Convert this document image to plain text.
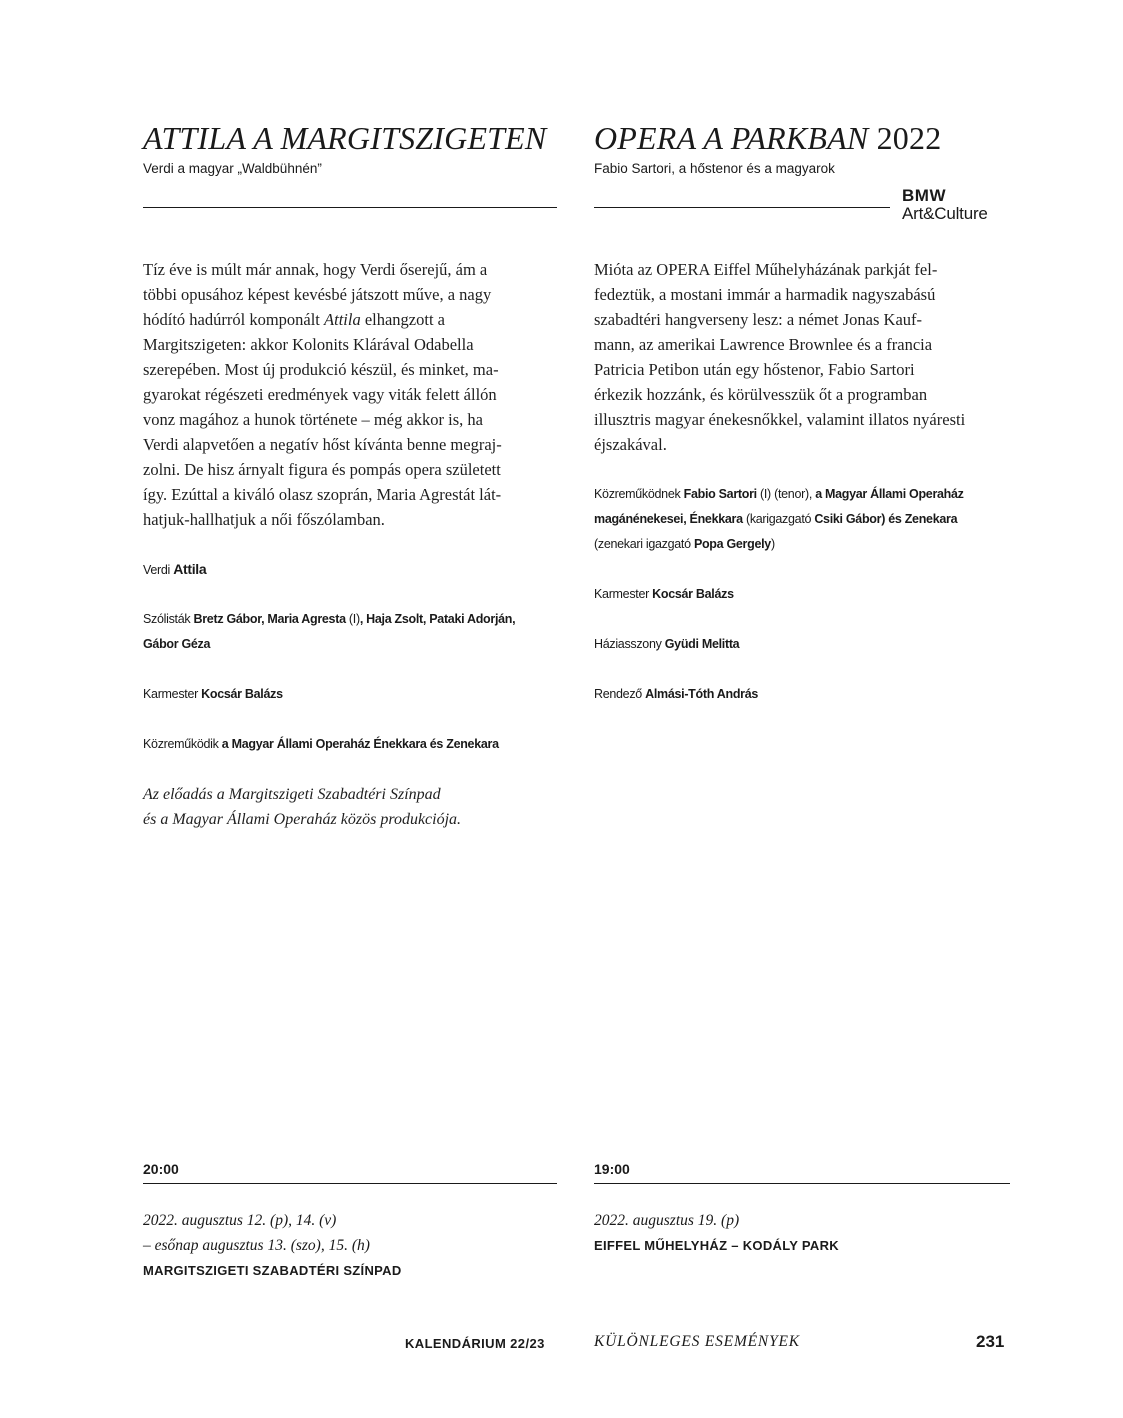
ATTILA A MARGITSZIGETEN
Verdi a magyar „Waldbühnén”

Tíz éve is múlt már annak, hogy Verdi őserejű, ám a
többi opusához képest kevésbé játszott műve, a nagy
hódító hadúrról komponált Attila elhangzott a
Margitszigeten: akkor Kolonits Klárával Odabella
szerepében. Most új produkció készül, és minket, ma-
gyarokat régészeti eredmények vagy viták felett állón
vonz magához a hunok története – még akkor is, ha
Verdi alapvetően a negatív hőst kívánta benne megraj-
zolni. De hisz árnyalt figura és pompás opera született
így. Ezúttal a kiváló olasz szoprán, Maria Agrestát lát-
hatjuk-hallhatjuk a női főszólamban.

Verdi Attila

Szólisták Bretz Gábor, Maria Agresta (I), Haja Zsolt, Pataki Adorján,
Gábor Géza

Karmester Kocsár Balázs

Közreműködik a Magyar Állami Operaház Énekkara és Zenekara

Az előadás a Margitszigeti Szabadtéri Színpad
és a Magyar Állami Operaház közös produkciója.

20:00
2022. augusztus 12. (p), 14. (v)
– esőnap augusztus 13. (szo), 15. (h)
MARGITSZIGETI SZABADTÉRI SZÍNPAD
OPERA A PARKBAN 2022
Fabio Sartori, a hőstenor és a magyarok
BMW
Art&Culture

Mióta az OPERA Eiffel Műhelyházának parkját fel-
fedeztük, a mostani immár a harmadik nagyszabású
szabadtéri hangverseny lesz: a német Jonas Kauf-
mann, az amerikai Lawrence Brownlee és a francia
Patricia Petibon után egy hőstenor, Fabio Sartori
érkezik hozzánk, és körülvesszük őt a programban
illusztris magyar énekesnőkkel, valamint illatos nyáresti
éjszakával.

Közreműködnek Fabio Sartori (I) (tenor), a Magyar Állami Operaház
magánénekesei, Énekkara (karigazgató Csiki Gábor) és Zenekara
(zenekari igazgató Popa Gergely)

Karmester Kocsár Balázs

Háziasszony Gyüdi Melitta

Rendező Almási-Tóth András

19:00
2022. augusztus 19. (p)
EIFFEL MŰHELYHÁZ – KODÁLY PARK
KALENDÁRIUM 22/23	KÜLÖNLEGES ESEMÉNYEK	231
